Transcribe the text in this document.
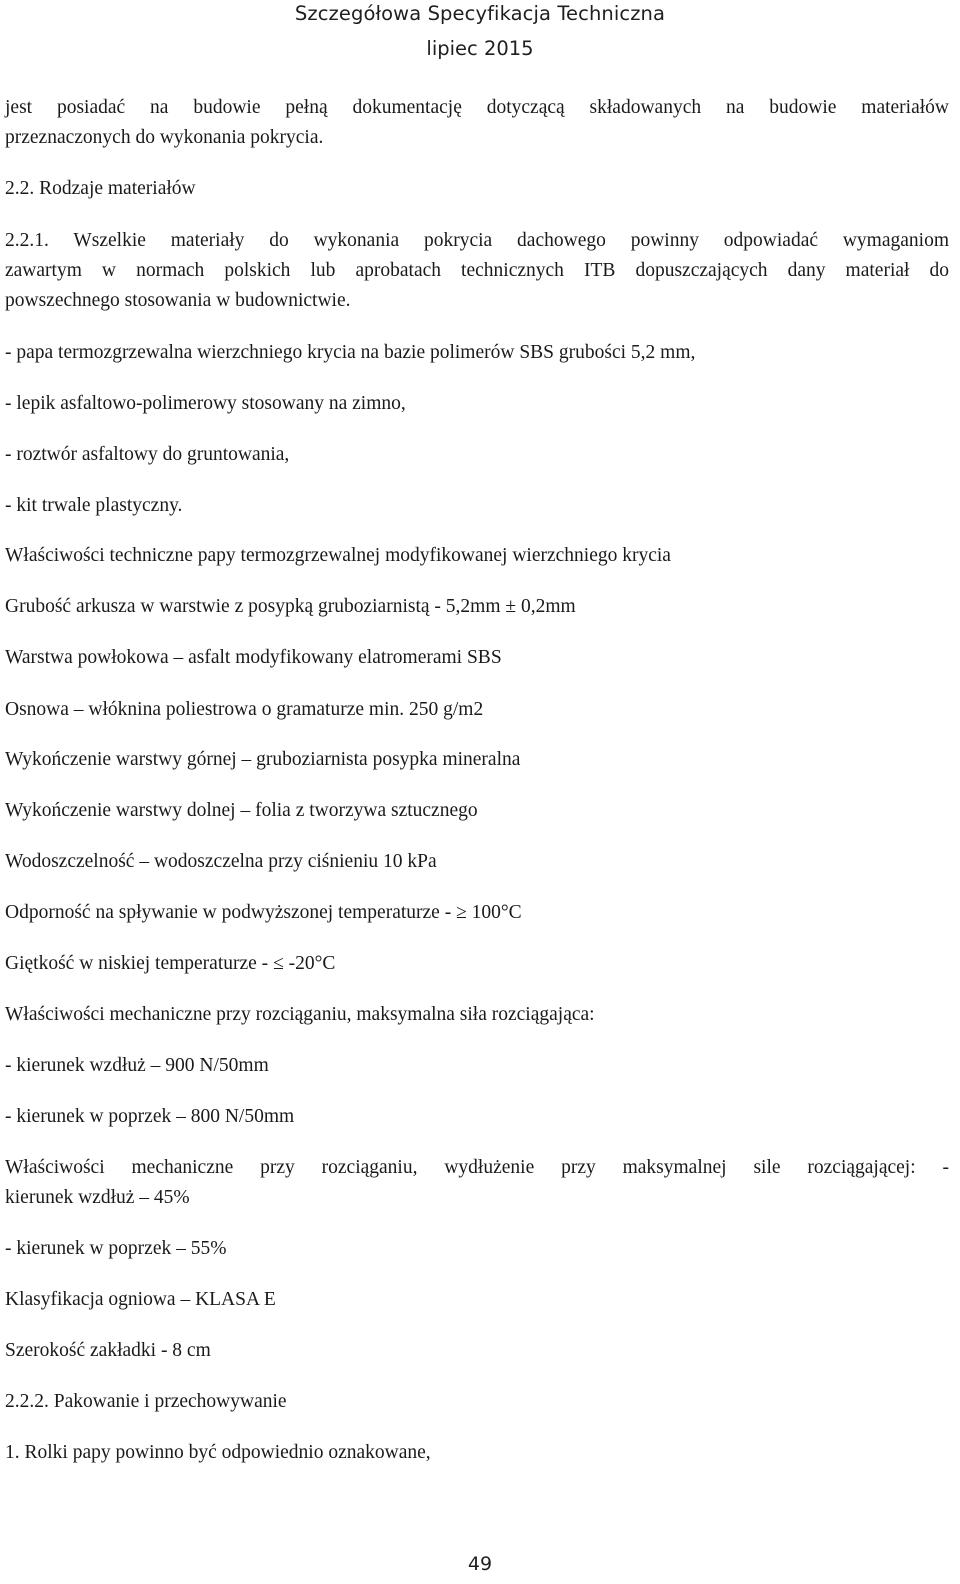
Szczegółowa Specyfikacja Techniczna
lipiec 2015
jest posiadać na budowie pełną dokumentację dotyczącą składowanych na budowie materiałów
przeznaczonych do wykonania pokrycia.
2.2. Rodzaje materiałów
2.2.1. Wszelkie materiały do wykonania pokrycia dachowego powinny odpowiadać wymaganiom
zawartym w normach polskich lub aprobatach technicznych ITB dopuszczających dany materiał do
powszechnego stosowania w budownictwie.
- papa termozgrzewalna wierzchniego krycia na bazie polimerów SBS grubości 5,2 mm,
- lepik asfaltowo-polimerowy stosowany na zimno,
- roztwór asfaltowy do gruntowania,
- kit trwale plastyczny.
Właściwości techniczne papy termozgrzewalnej modyfikowanej wierzchniego krycia
Grubość arkusza w warstwie z posypką gruboziarnistą - 5,2mm ± 0,2mm
Warstwa powłokowa – asfalt modyfikowany elatromerami SBS
Osnowa – włóknina poliestrowa o gramaturze min. 250 g/m2
Wykończenie warstwy górnej – gruboziarnista posypka mineralna
Wykończenie warstwy dolnej – folia z tworzywa sztucznego
Wodoszczelność – wodoszczelna przy ciśnieniu 10 kPa
Odporność na spływanie w podwyższonej temperaturze - ≥ 100°C
Giętkość w niskiej temperaturze - ≤ -20°C
Właściwości mechaniczne przy rozciąganiu, maksymalna siła rozciągająca:
- kierunek wzdłuż – 900 N/50mm
- kierunek w poprzek – 800 N/50mm
Właściwości mechaniczne przy rozciąganiu, wydłużenie przy maksymalnej sile rozciągającej: -
kierunek wzdłuż – 45%
- kierunek w poprzek – 55%
Klasyfikacja ogniowa – KLASA E
Szerokość zakładki - 8 cm
2.2.2. Pakowanie i przechowywanie
1. Rolki papy powinno być odpowiednio oznakowane,
49
